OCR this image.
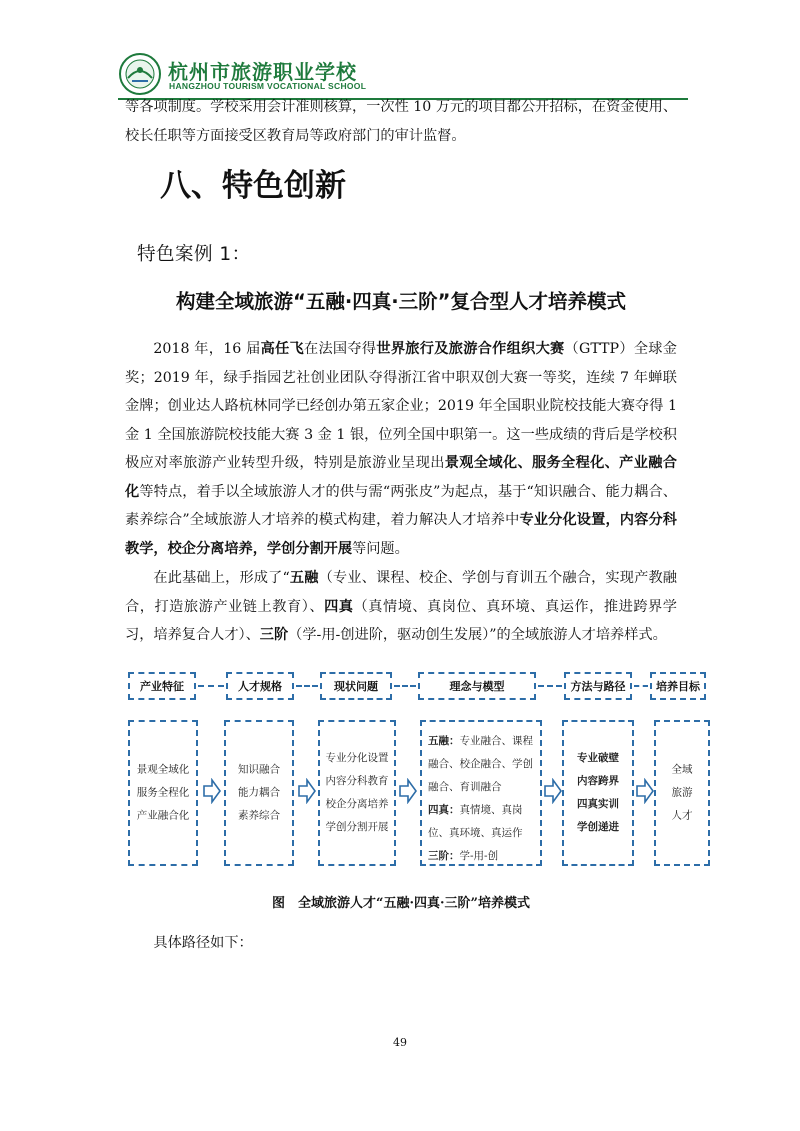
杭州市旅游职业学校
HANGZHOU TOURISM VOCATIONAL SCHOOL

等各项制度。学校采用会计准则核算，一次性 10 万元的项目都公开招标，在资金使用、校长任职等方面接受区教育局等政府部门的审计监督。

八、特色创新

特色案例 1：

构建全域旅游“五融·四真·三阶”复合型人才培养模式

2018 年，16 届高任飞在法国夺得世界旅行及旅游合作组织大赛（GTTP）全球金奖；2019 年，绿手指园艺社创业团队夺得浙江省中职双创大赛一等奖，连续 7 年蝉联金牌；创业达人路杭林同学已经创办第五家企业；2019 年全国职业院校技能大赛夺得 1 金 1 全国旅游院校技能大赛 3 金 1 银，位列全国中职第一。这一些成绩的背后是学校积极应对率旅游产业转型升级，特别是旅游业呈现出景观全域化、服务全程化、产业融合化等特点，着手以全域旅游人才的供与需“两张皮”为起点，基于“知识融合、能力耦合、素养综合”全域旅游人才培养的模式构建，着力解决人才培养中专业分化设置，内容分科教学，校企分离培养，学创分割开展等问题。

在此基础上，形成了“五融（专业、课程、校企、学创与育训五个融合，实现产教融合，打造旅游产业链上教育）、四真（真情境、真岗位、真环境、真运作，推进跨界学习，培养复合人才）、三阶（学-用-创进阶，驱动创生发展）”的全域旅游人才培养样式。

产业特征	人才规格	现状问题	理念与模型	方法与路径	培养目标
景观全域化
服务全程化
产业融合化
知识融合
能力耦合
素养综合
专业分化设置
内容分科教育
校企分离培养
学创分割开展
五融：专业融合、课程融合、校企融合、学创融合、育训融合
四真：真情境、真岗位、真环境、真运作
三阶：学-用-创
专业破壁
内容跨界
四真实训
学创递进
全域
旅游
人才

图　全域旅游人才“五融·四真·三阶”培养模式

具体路径如下：

49
